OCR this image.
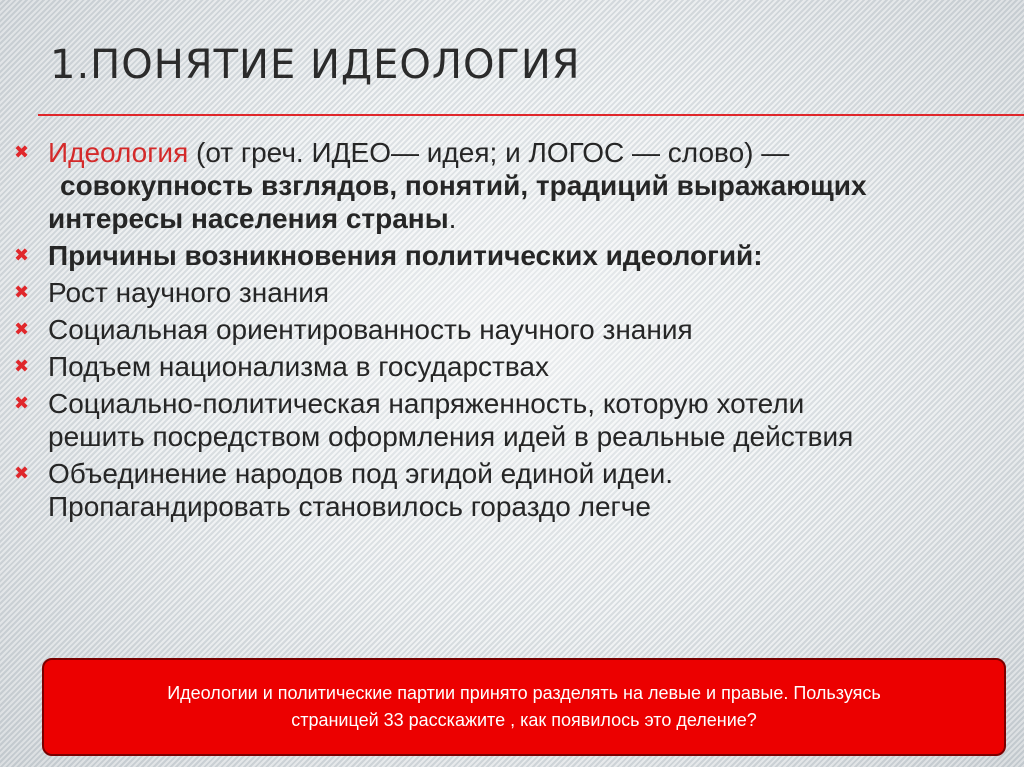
1.ПОНЯТИЕ ИДЕОЛОГИЯ
✖ Идеология (от греч. ИДЕО— идея; и ЛОГОС — слово) —
совокупность взглядов, понятий, традиций выражающих
интересы населения страны.
✖ Причины возникновения политических идеологий:
✖ Рост научного знания
✖ Социальная ориентированность научного знания
✖ Подъем национализма в государствах
✖ Социально-политическая напряженность, которую хотели
решить посредством оформления идей в реальные действия
✖ Объединение народов под эгидой единой идеи.
Пропагандировать становилось гораздо легче
Идеологии и политические партии принято разделять на левые и правые. Пользуясь
страницей 33 расскажите , как появилось это деление?
